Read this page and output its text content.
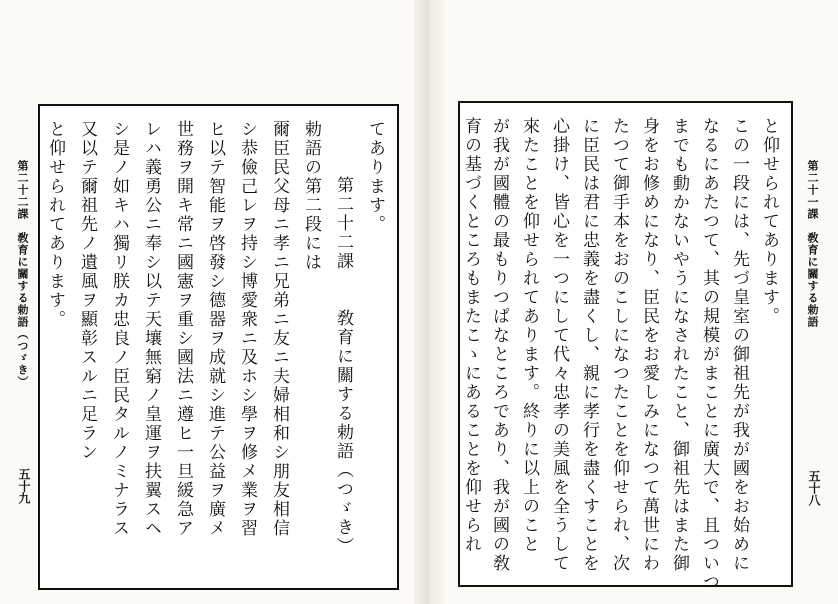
てあります。
第二十二課　　敎育に關する勅語（つゞき）
勅語の第二段には
爾臣民父母ニ孝ニ兄弟ニ友ニ夫婦相和シ朋友相信
シ恭儉己レヲ持シ博愛衆ニ及ホシ學ヲ修メ業ヲ習
ヒ以テ智能ヲ啓發シ德器ヲ成就シ進テ公益ヲ廣メ
世務ヲ開キ常ニ國憲ヲ重シ國法ニ遵ヒ一旦緩急ア
レハ義勇公ニ奉シ以テ天壤無窮ノ皇運ヲ扶翼スヘ
シ是ノ如キハ獨リ朕カ忠良ノ臣民タルノミナラス
又以テ爾祖先ノ遺風ヲ顯彰スルニ足ラン
と仰せられてあります。
第二十二課　敎育に關する勅語（つゞき）
五十九
と仰せられてあります。
この一段には、先づ皇室の御祖先が我が國をお始めに
なるにあたつて、其の規模がまことに廣大で、且ついつ
までも動かないやうになされたこと、御祖先はまた御
身をお修めになり、臣民をお愛しみになつて萬世にわ
たつて御手本をおのこしになつたことを仰せられ、次
に臣民は君に忠義を盡くし、親に孝行を盡くすことを
心掛け、皆心を一つにして代々忠孝の美風を全うして
來たことを仰せられてあります。終りに以上のこと
が我が國體の最もりつぱなところであり、我が國の敎
育の基づくところもまたこゝにあることを仰せられ	第二十一課　敎育に關する勅語
五十八
